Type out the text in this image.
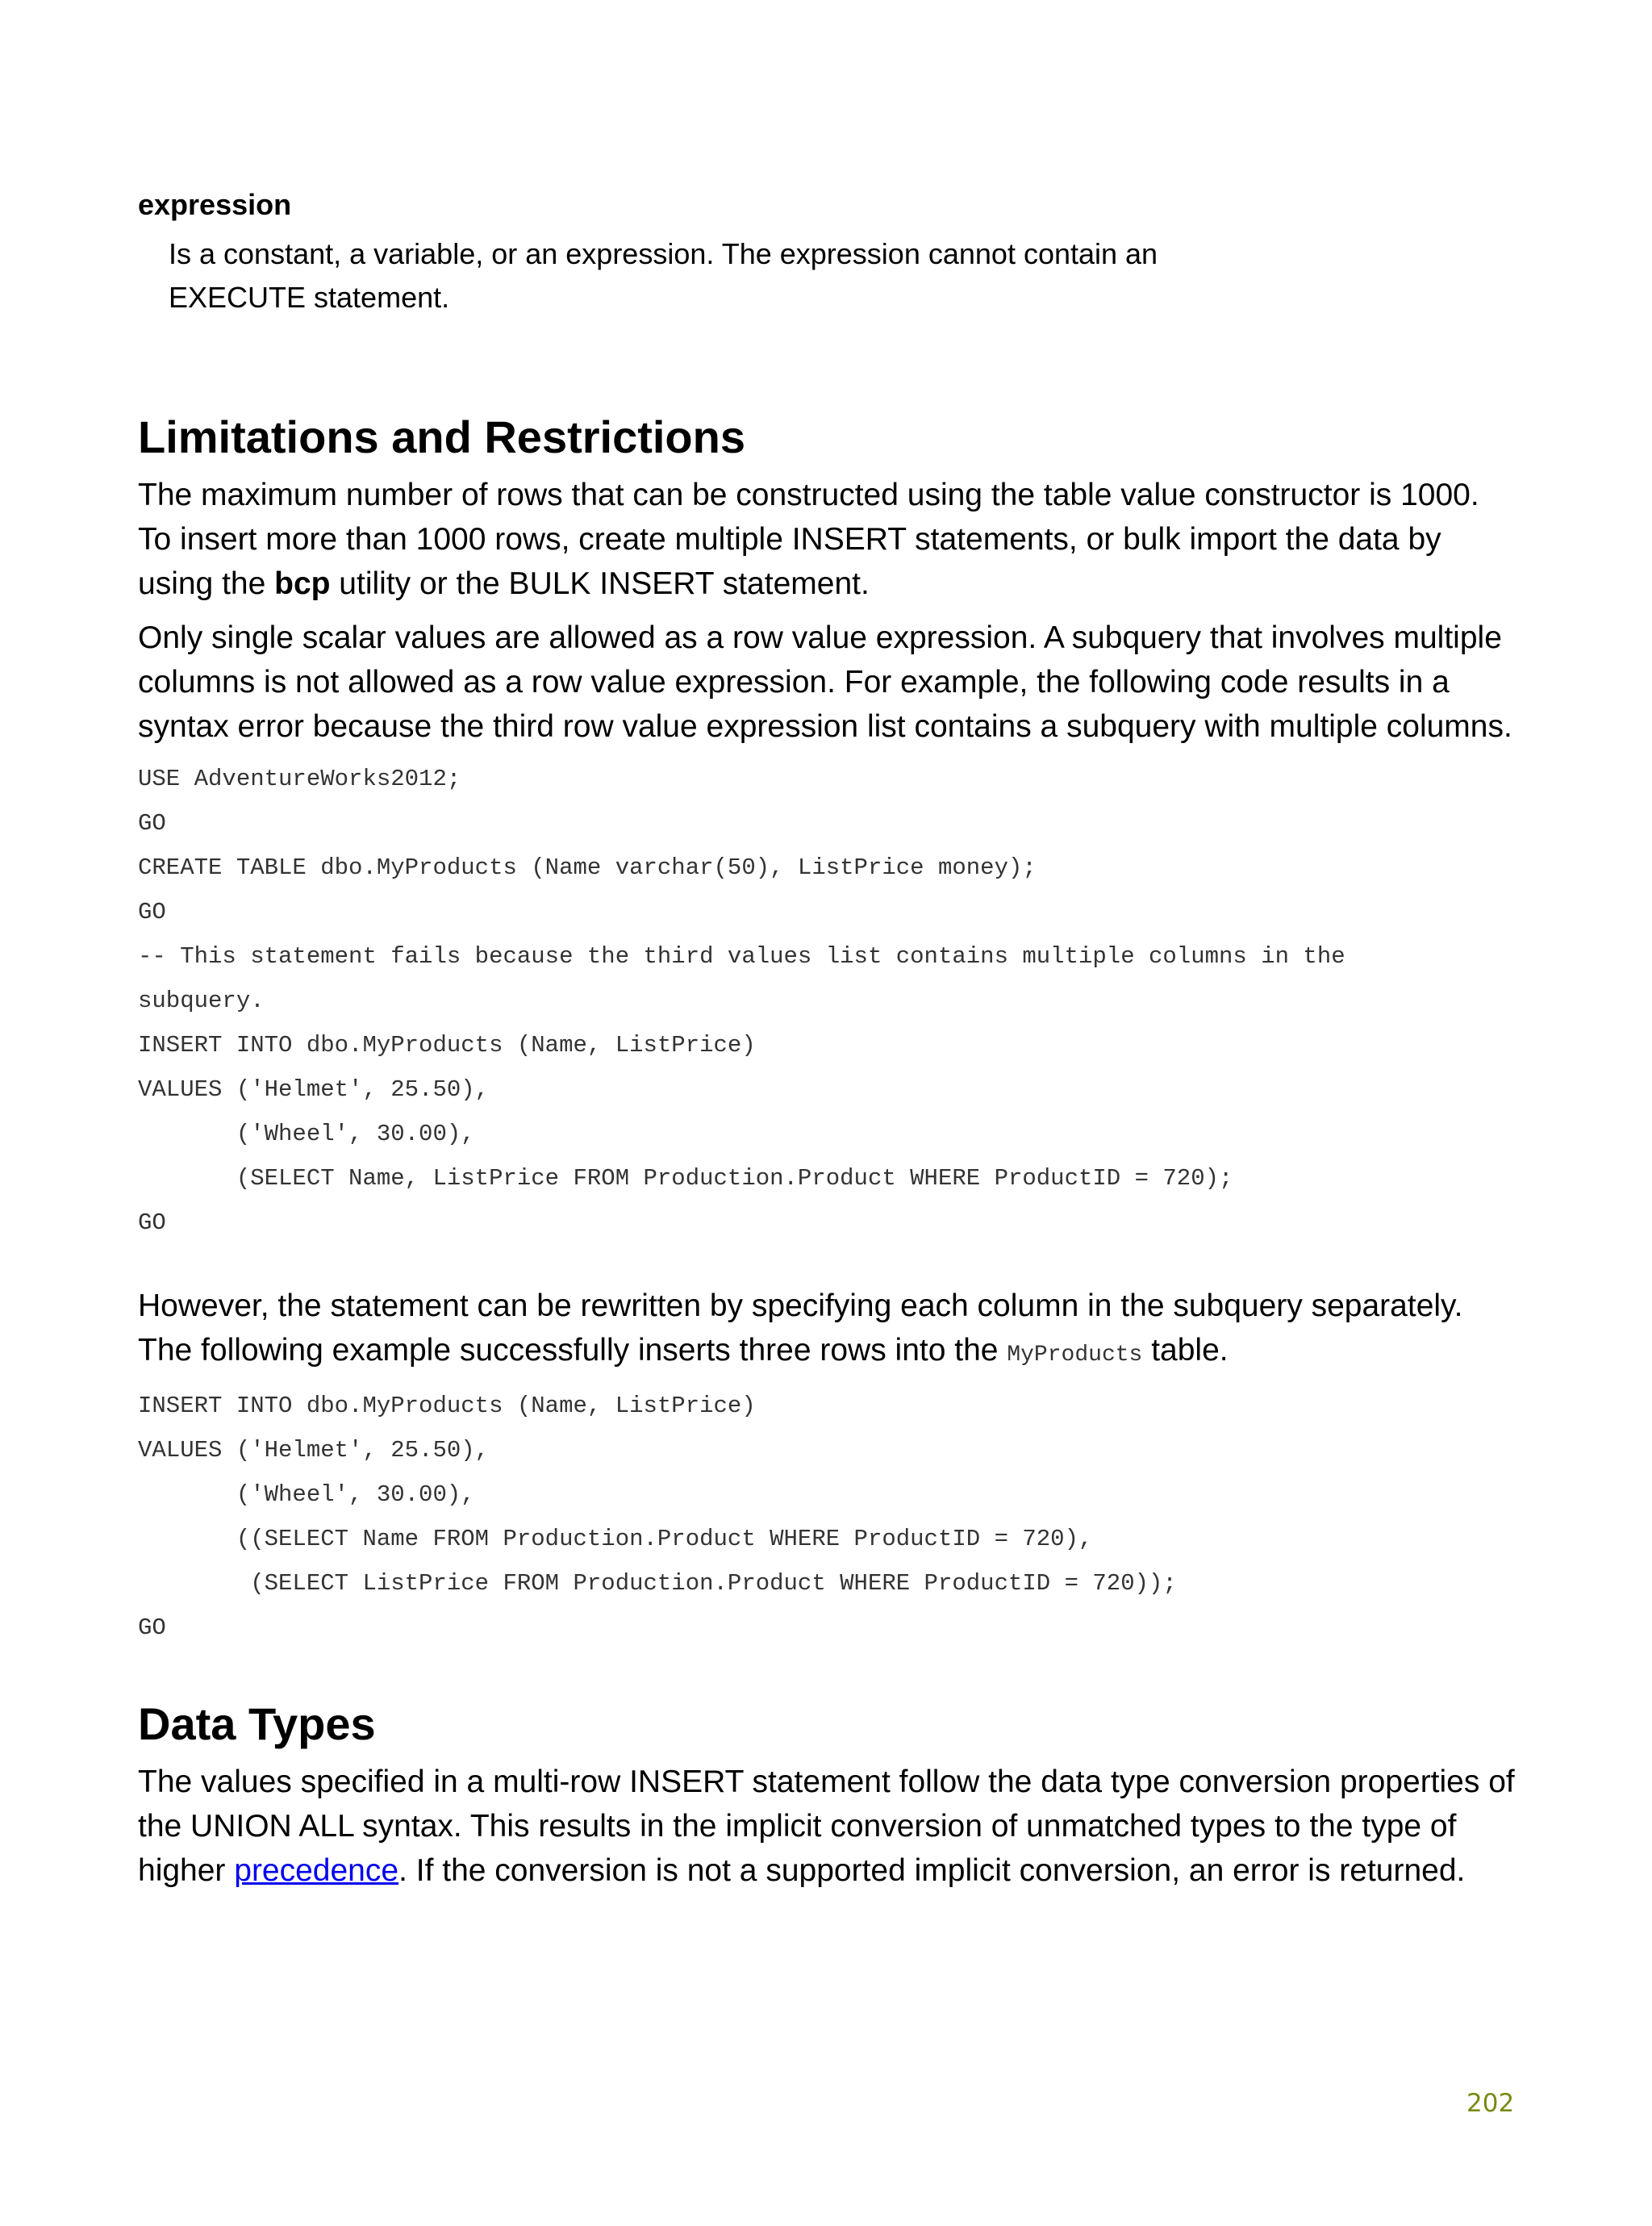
expression

Is a constant, a variable, or an expression. The expression cannot contain an EXECUTE statement.

Limitations and Restrictions

The maximum number of rows that can be constructed using the table value constructor is 1000. To insert more than 1000 rows, create multiple INSERT statements, or bulk import the data by using the bcp utility or the BULK INSERT statement.

Only single scalar values are allowed as a row value expression. A subquery that involves multiple columns is not allowed as a row value expression. For example, the following code results in a syntax error because the third row value expression list contains a subquery with multiple columns.

USE AdventureWorks2012;
GO
CREATE TABLE dbo.MyProducts (Name varchar(50), ListPrice money);
GO
-- This statement fails because the third values list contains multiple columns in the
subquery.
INSERT INTO dbo.MyProducts (Name, ListPrice)
VALUES ('Helmet', 25.50),
('Wheel', 30.00),
(SELECT Name, ListPrice FROM Production.Product WHERE ProductID = 720);
GO

However, the statement can be rewritten by specifying each column in the subquery separately. The following example successfully inserts three rows into the MyProducts table.

INSERT INTO dbo.MyProducts (Name, ListPrice)
VALUES ('Helmet', 25.50),
('Wheel', 30.00),
((SELECT Name FROM Production.Product WHERE ProductID = 720),
(SELECT ListPrice FROM Production.Product WHERE ProductID = 720));
GO
Data Types

The values specified in a multi-row INSERT statement follow the data type conversion properties of the UNION ALL syntax. This results in the implicit conversion of unmatched types to the type of higher precedence. If the conversion is not a supported implicit conversion, an error is returned.

202
